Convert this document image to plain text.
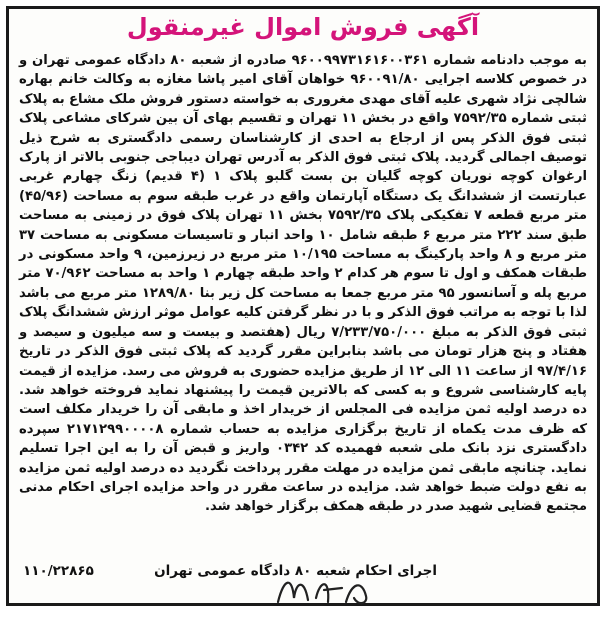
آگهی فروش اموال غیرمنقول
به موجب دادنامه شماره ۹۶۰۰۹۹۷۳۱۶۱۶۰۰۳۶۱ صادره از شعبه ۸۰ دادگاه عمومی تهران و در خصوص کلاسه اجرایی ۹۶۰۰۹۱/۸۰ خواهان آقای امیر پاشا مغازه به وکالت خانم بهاره شالچی نژاد شهری علیه آقای مهدی مغروری به خواسته دستور فروش ملک مشاع به پلاک ثبتی شماره ۷۵۹۲/۳۵ واقع در بخش ۱۱ تهران و تقسیم بهای آن بین شرکای مشاعی پلاک ثبتی فوق الذکر پس از ارجاع به احدی از کارشناسان رسمی دادگستری به شرح ذیل توصیف اجمالی گردید. پلاک ثبتی فوق الذکر به آدرس تهران دیباجی جنوبی بالاتر از پارک ارغوان کوچه نوریان کوچه گلیان بن بست گلبو پلاک ۱ (۴ قدیم) زنگ چهارم غربی عبارتست از ششدانگ یک دستگاه آپارتمان واقع در غرب طبقه سوم به مساحت (۴۵/۹۶) متر مربع قطعه ۷ تفکیکی پلاک ۷۵۹۲/۳۵ بخش ۱۱ تهران پلاک فوق در زمینی به مساحت طبق سند ۲۲۲ متر مربع ۶ طبقه شامل ۱۰ واحد انبار و تاسیسات مسکونی به مساحت ۳۷ متر مربع و ۸ واحد پارکینگ به مساحت ۱۰/۱۹۵ متر مربع در زیرزمین، ۹ واحد مسکونی در طبقات همکف و اول تا سوم هر کدام ۲ واحد طبقه چهارم ۱ واحد به مساحت ۷۰/۹۶۲ متر مربع پله و آسانسور ۹۵ متر مربع جمعا به مساحت کل زیر بنا ۱۲۸۹/۸۰ متر مربع می باشد لذا با توجه به مراتب فوق الذکر و با در نظر گرفتن کلیه عوامل موثر ارزش ششدانگ پلاک ثبتی فوق الذکر به مبلغ ۷/۲۳۳/۷۵۰/۰۰۰ ریال (هفتصد و بیست و سه میلیون و سیصد و هفتاد و پنج هزار تومان می باشد بنابراین مقرر گردید که پلاک ثبتی فوق الذکر در تاریخ ۹۷/۴/۱۶ از ساعت ۱۱ الی ۱۲ از طریق مزایده حضوری به فروش می رسد. مزایده از قیمت پایه کارشناسی شروع و به کسی که بالاترین قیمت را پیشنهاد نماید فروخته خواهد شد. ده درصد اولیه ثمن مزایده فی المجلس از خریدار اخذ و مابقی آن را خریدار مکلف است که ظرف مدت یکماه از تاریخ برگزاری مزایده به حساب شماره ۲۱۷۱۲۹۹۰۰۰۰۸ سپرده دادگستری نزد بانک ملی شعبه فهمیده کد ۰۳۴۲ واریز و قبض آن را به این اجرا تسلیم نماید. چنانچه مابقی ثمن مزایده در مهلت مقرر پرداخت نگردید ده درصد اولیه ثمن مزایده به نفع دولت ضبط خواهد شد. مزایده در ساعت مقرر در واحد مزایده اجرای احکام مدنی مجتمع قضایی شهید صدر در طبقه همکف برگزار خواهد شد.
اجرای احکام شعبه ۸۰ دادگاه عمومی تهران
۱۱۰/۲۲۸۶۵
